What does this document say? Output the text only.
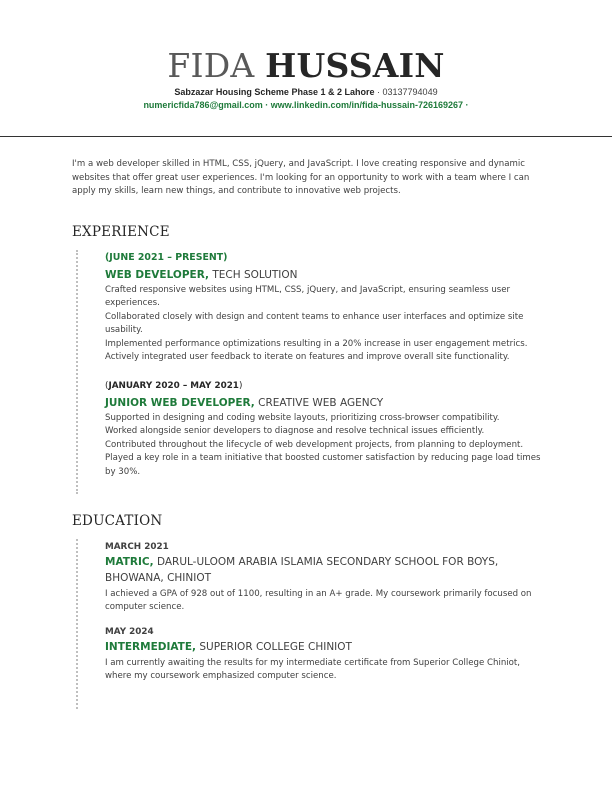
FIDA HUSSAIN
Sabzazar Housing Scheme Phase 1 & 2 Lahore · 03137794049
numericfida786@gmail.com · www.linkedin.com/in/fida-hussain-726169267 ·
I'm a web developer skilled in HTML, CSS, jQuery, and JavaScript. I love creating responsive and dynamic websites that offer great user experiences. I'm looking for an opportunity to work with a team where I can apply my skills, learn new things, and contribute to innovative web projects.
EXPERIENCE
(JUNE 2021 – PRESENT)
WEB DEVELOPER, TECH SOLUTION
Crafted responsive websites using HTML, CSS, jQuery, and JavaScript, ensuring seamless user experiences.
Collaborated closely with design and content teams to enhance user interfaces and optimize site usability.
Implemented performance optimizations resulting in a 20% increase in user engagement metrics.
Actively integrated user feedback to iterate on features and improve overall site functionality.
(JANUARY 2020 – MAY 2021)
JUNIOR WEB DEVELOPER, CREATIVE WEB AGENCY
Supported in designing and coding website layouts, prioritizing cross-browser compatibility.
Worked alongside senior developers to diagnose and resolve technical issues efficiently.
Contributed throughout the lifecycle of web development projects, from planning to deployment.
Played a key role in a team initiative that boosted customer satisfaction by reducing page load times by 30%.
EDUCATION
MARCH 2021
MATRIC, DARUL-ULOOM ARABIA ISLAMIA SECONDARY SCHOOL FOR BOYS, BHOWANA, CHINIOT
I achieved a GPA of 928 out of 1100, resulting in an A+ grade. My coursework primarily focused on computer science.
MAY 2024
INTERMEDIATE, SUPERIOR COLLEGE CHINIOT
I am currently awaiting the results for my intermediate certificate from Superior College Chiniot, where my coursework emphasized computer science.
